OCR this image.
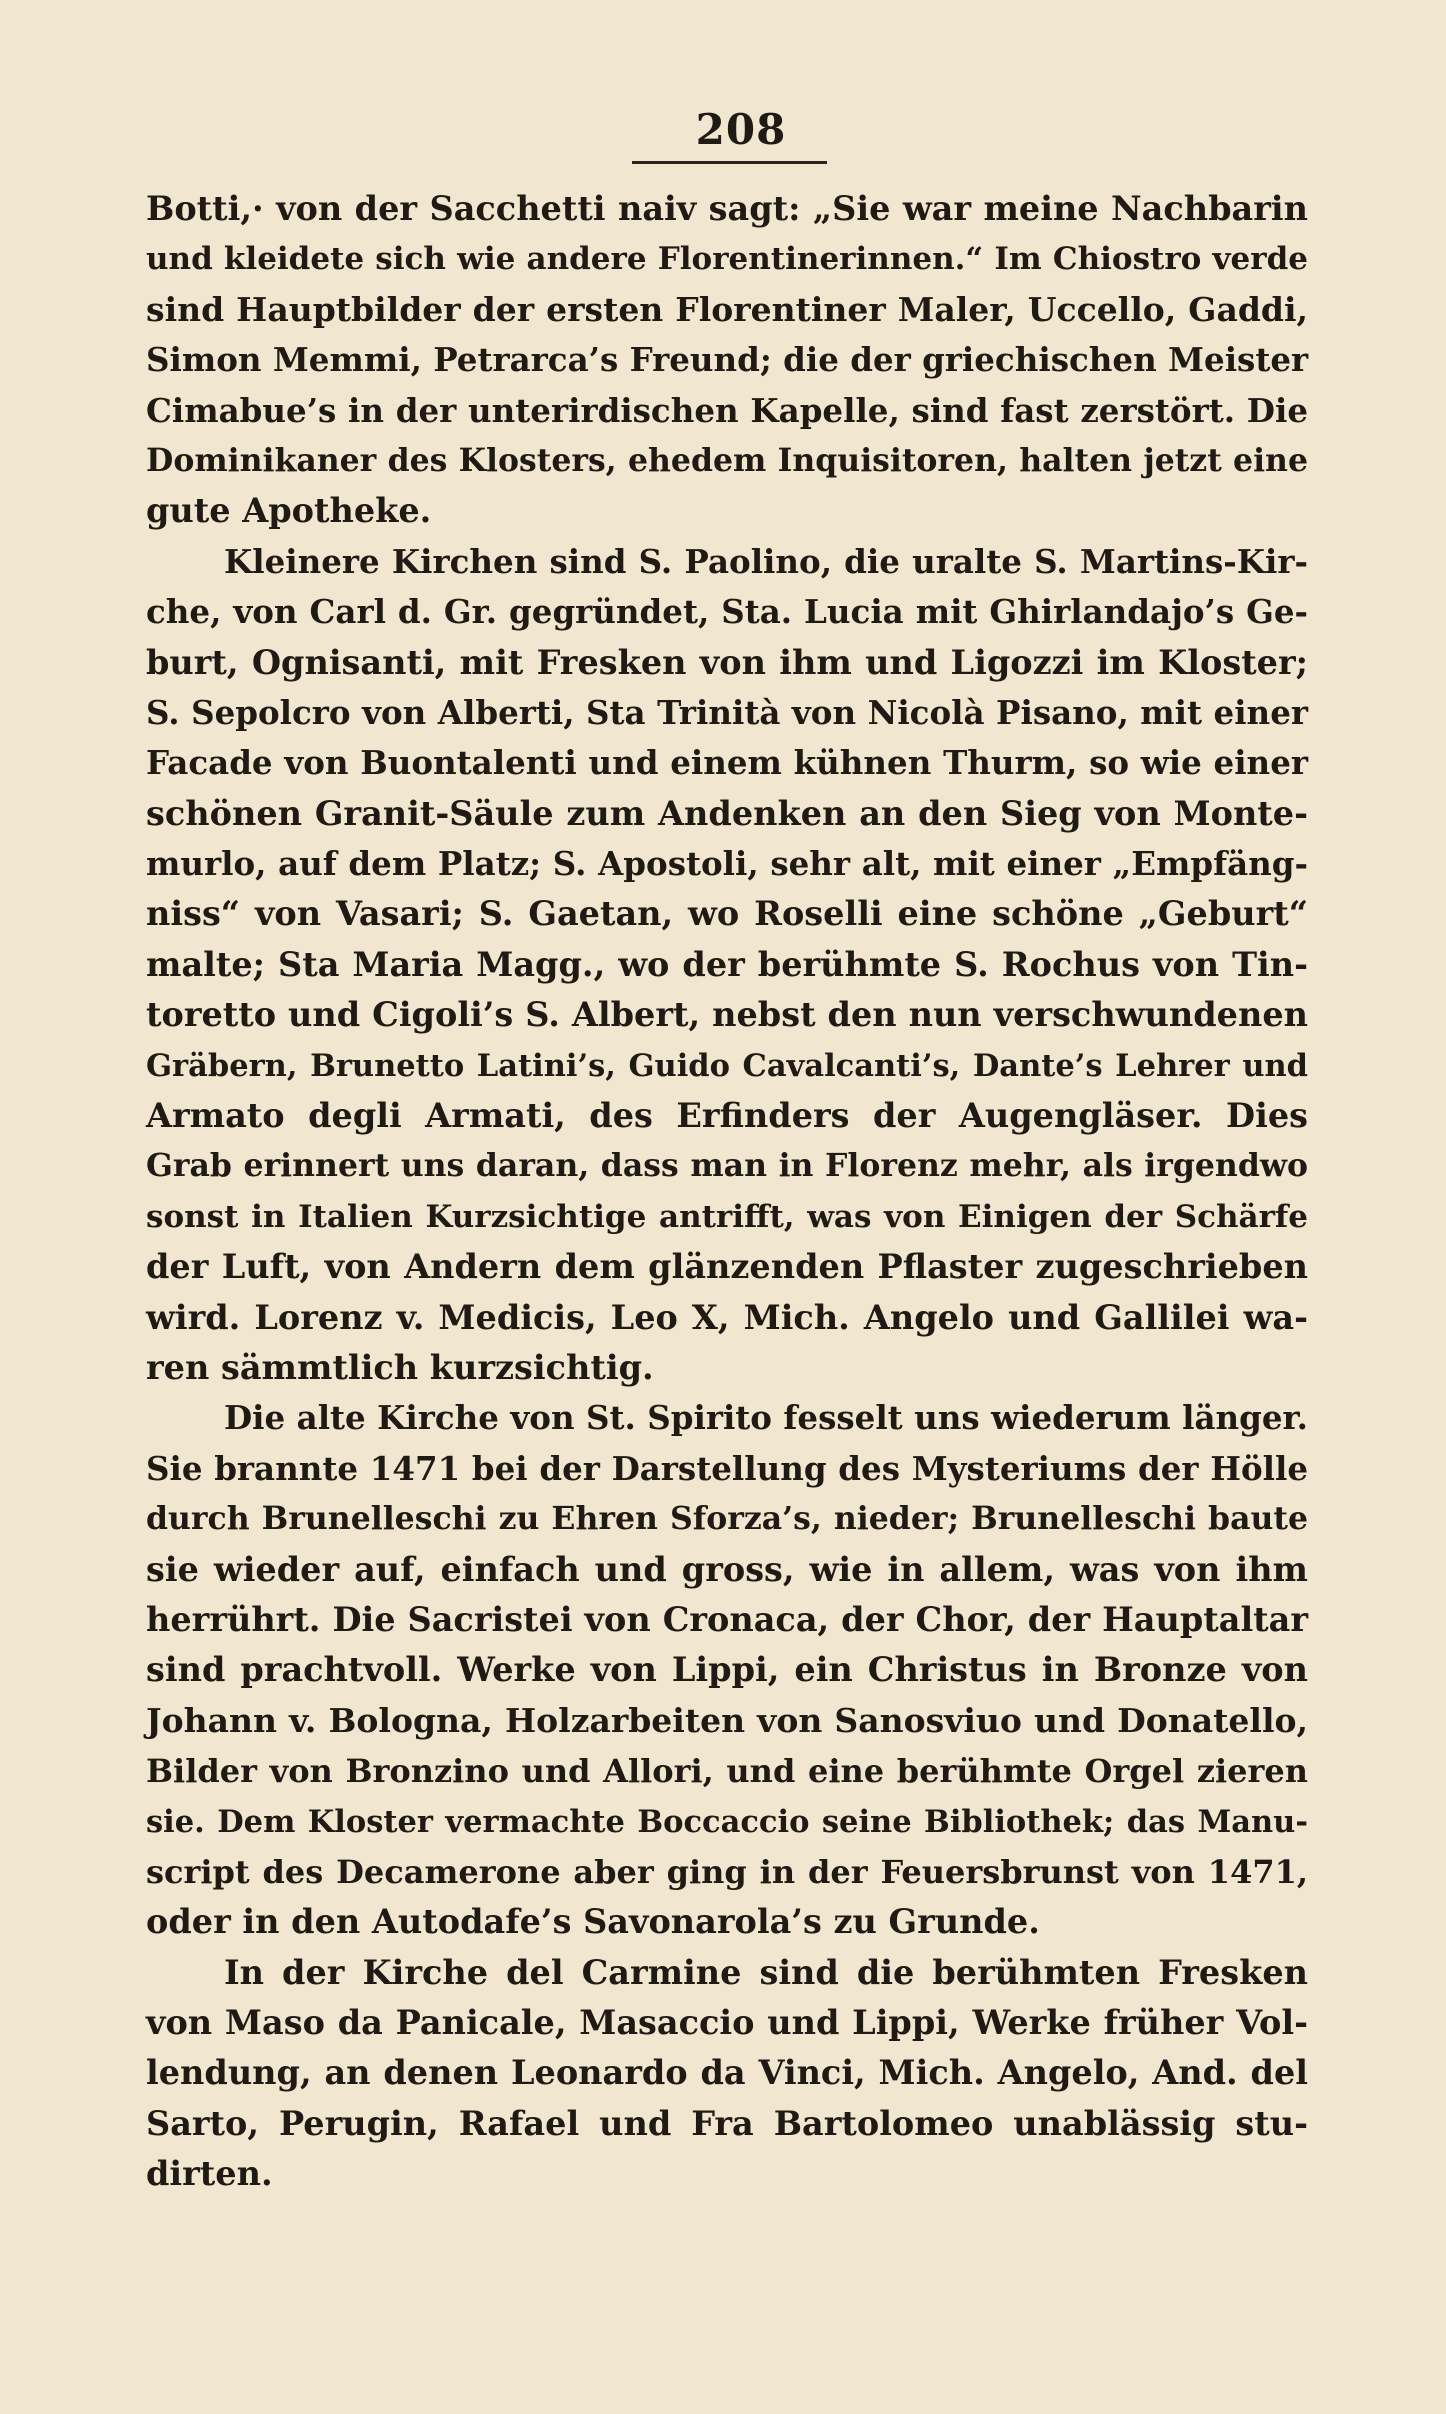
208
Botti,· von der Sacchetti naiv sagt: „Sie war meine Nachbarin
und kleidete sich wie andere Florentinerinnen.“ Im Chiostro verde
sind Hauptbilder der ersten Florentiner Maler, Uccello, Gaddi,
Simon Memmi, Petrarca’s Freund; die der griechischen Meister
Cimabue’s in der unterirdischen Kapelle, sind fast zerstört. Die
Dominikaner des Klosters, ehedem Inquisitoren, halten jetzt eine
gute Apotheke.
Kleinere Kirchen sind S. Paolino, die uralte S. Martins-Kir-
che, von Carl d. Gr. gegründet, Sta. Lucia mit Ghirlandajo’s Ge-
burt, Ognisanti, mit Fresken von ihm und Ligozzi im Kloster;
S. Sepolcro von Alberti, Sta Trinità von Nicolà Pisano, mit einer
Facade von Buontalenti und einem kühnen Thurm, so wie einer
schönen Granit-Säule zum Andenken an den Sieg von Monte-
murlo, auf dem Platz; S. Apostoli, sehr alt, mit einer „Empfäng-
niss“ von Vasari; S. Gaetan, wo Roselli eine schöne „Geburt“
malte; Sta Maria Magg., wo der berühmte S. Rochus von Tin-
toretto und Cigoli’s S. Albert, nebst den nun verschwundenen
Gräbern, Brunetto Latini’s, Guido Cavalcanti’s, Dante’s Lehrer und
Armato degli Armati, des Erfinders der Augengläser. Dies
Grab erinnert uns daran, dass man in Florenz mehr, als irgendwo
sonst in Italien Kurzsichtige antrifft, was von Einigen der Schärfe
der Luft, von Andern dem glänzenden Pflaster zugeschrieben
wird. Lorenz v. Medicis, Leo X, Mich. Angelo und Gallilei wa-
ren sämmtlich kurzsichtig.
Die alte Kirche von St. Spirito fesselt uns wiederum länger.
Sie brannte 1471 bei der Darstellung des Mysteriums der Hölle
durch Brunelleschi zu Ehren Sforza’s, nieder; Brunelleschi baute
sie wieder auf, einfach und gross, wie in allem, was von ihm
herrührt. Die Sacristei von Cronaca, der Chor, der Hauptaltar
sind prachtvoll. Werke von Lippi, ein Christus in Bronze von
Johann v. Bologna, Holzarbeiten von Sanosviuo und Donatello,
Bilder von Bronzino und Allori, und eine berühmte Orgel zieren
sie. Dem Kloster vermachte Boccaccio seine Bibliothek; das Manu-
script des Decamerone aber ging in der Feuersbrunst von 1471,
oder in den Autodafe’s Savonarola’s zu Grunde.
In der Kirche del Carmine sind die berühmten Fresken
von Maso da Panicale, Masaccio und Lippi, Werke früher Vol-
lendung, an denen Leonardo da Vinci, Mich. Angelo, And. del
Sarto, Perugin, Rafael und Fra Bartolomeo unablässig stu-
dirten.
